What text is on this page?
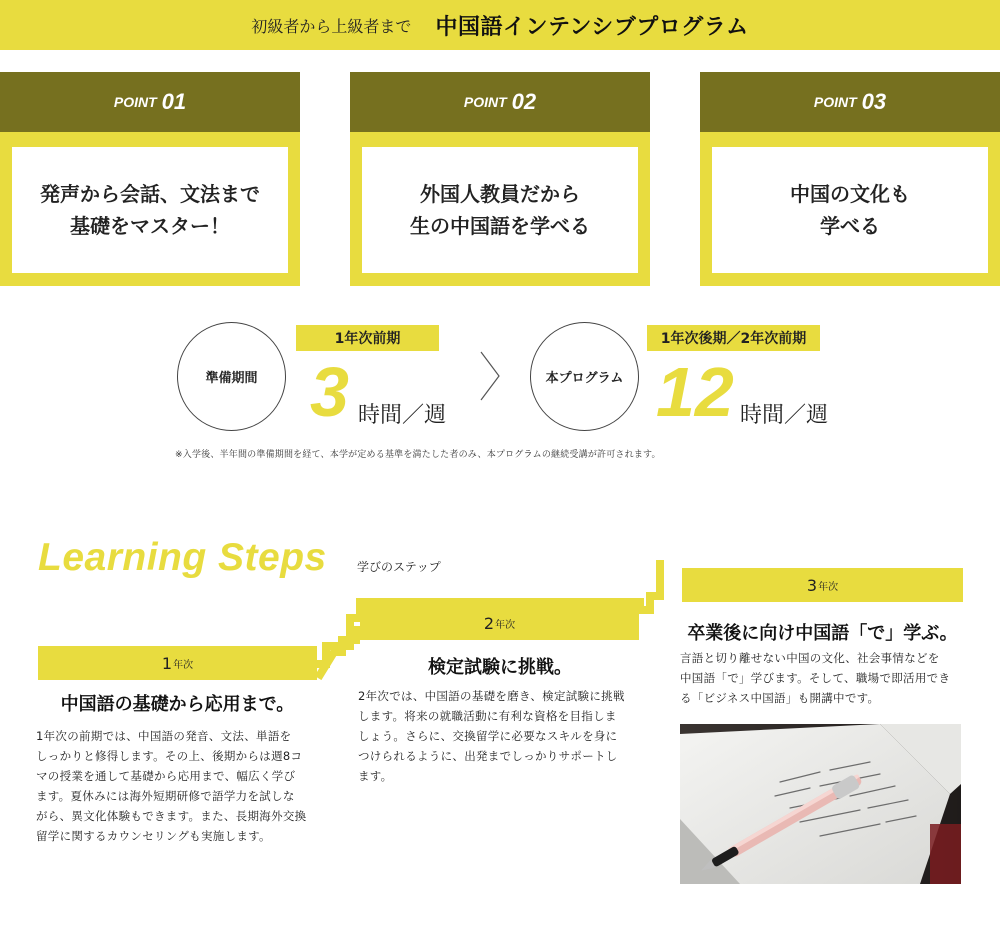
初級者から上級者まで 中国語インテンシブプログラム
POINT 01
発声から会話、文法まで
基礎をマスター！
POINT 02
外国人教員だから
生の中国語を学べる
POINT 03
中国の文化も
学べる
準備期間
1年次前期
3 時間／週
本プログラム
1年次後期／2年次前期
12 時間／週
※入学後、半年間の準備期間を経て、本学が定める基準を満たした者のみ、本プログラムの継続受講が許可されます。
Learning Steps	学びのステップ
1 年次
中国語の基礎から応用まで。
1年次の前期では、中国語の発音、文法、単語を
しっかりと修得します。その上、後期からは週8コ
マの授業を通して基礎から応用まで、幅広く学び
ます。夏休みには海外短期研修で語学力を試しな
がら、異文化体験もできます。また、長期海外交換
留学に関するカウンセリングも実施します。
2 年次
検定試験に挑戦。
2年次では、中国語の基礎を磨き、検定試験に挑戦
します。将来の就職活動に有利な資格を目指しま
しょう。さらに、交換留学に必要なスキルを身に
つけられるように、出発までしっかりサポートし
ます。
3 年次
卒業後に向け中国語「で」学ぶ。
言語と切り離せない中国の文化、社会事情などを
中国語「で」学びます。そして、職場で即活用でき
る「ビジネス中国語」も開講中です。
